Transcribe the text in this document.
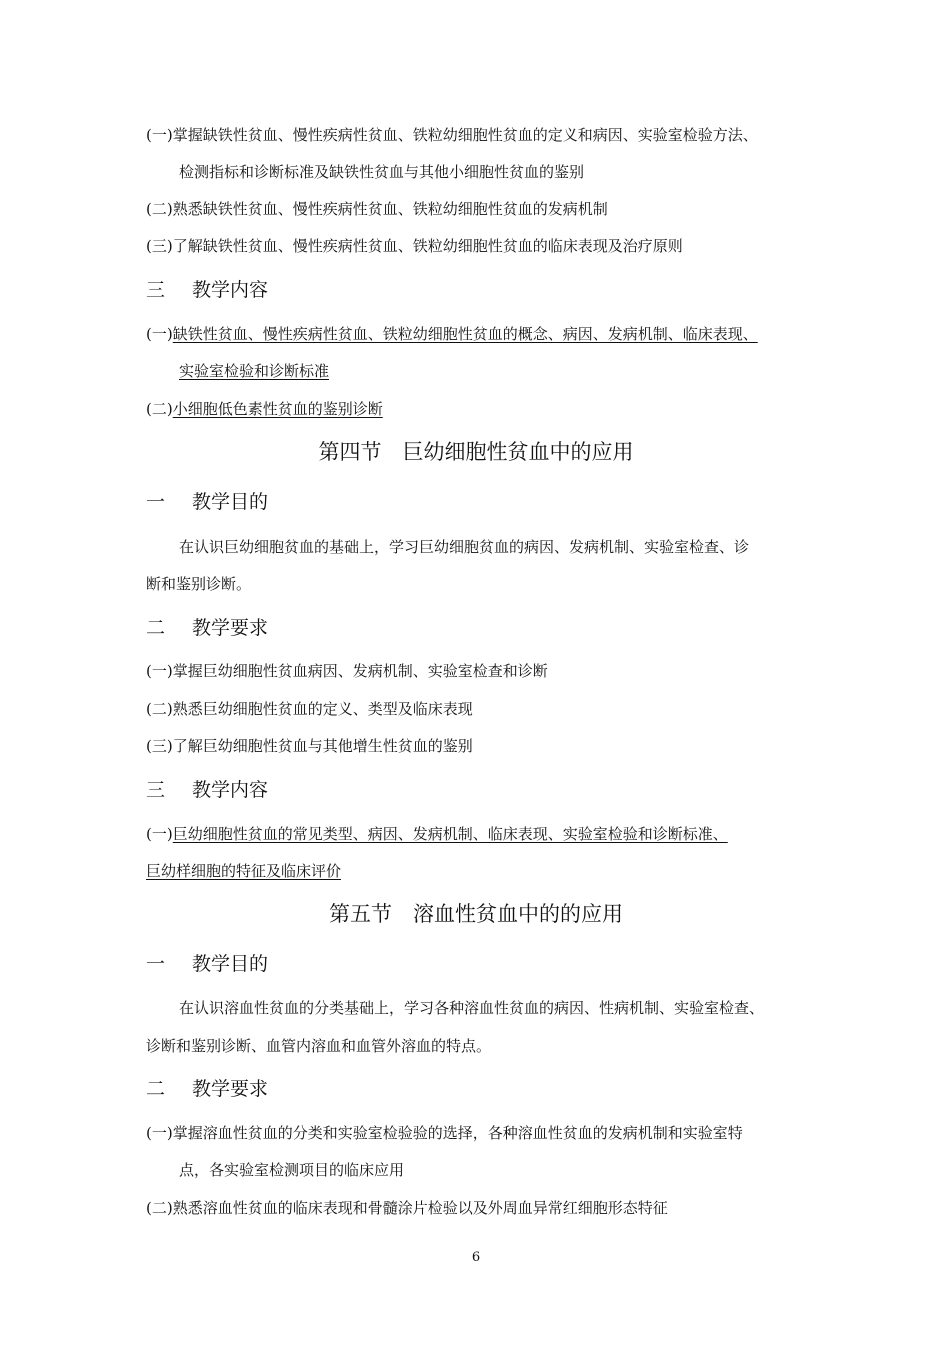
(一)掌握缺铁性贫血、慢性疾病性贫血、铁粒幼细胞性贫血的定义和病因、实验室检验方法、
检测指标和诊断标准及缺铁性贫血与其他小细胞性贫血的鉴别
(二)熟悉缺铁性贫血、慢性疾病性贫血、铁粒幼细胞性贫血的发病机制
(三)了解缺铁性贫血、慢性疾病性贫血、铁粒幼细胞性贫血的临床表现及治疗原则
三 教学内容
(一)缺铁性贫血、慢性疾病性贫血、铁粒幼细胞性贫血的概念、病因、发病机制、临床表现、
实验室检验和诊断标准
(二)小细胞低色素性贫血的鉴别诊断
第四节　巨幼细胞性贫血中的应用
一 教学目的
在认识巨幼细胞贫血的基础上，学习巨幼细胞贫血的病因、发病机制、实验室检查、诊
断和鉴别诊断。
二 教学要求
(一)掌握巨幼细胞性贫血病因、发病机制、实验室检查和诊断
(二)熟悉巨幼细胞性贫血的定义、类型及临床表现
(三)了解巨幼细胞性贫血与其他增生性贫血的鉴别
三 教学内容
(一)巨幼细胞性贫血的常见类型、病因、发病机制、临床表现、实验室检验和诊断标准、
巨幼样细胞的特征及临床评价
第五节　溶血性贫血中的的应用
一 教学目的
在认识溶血性贫血的分类基础上，学习各种溶血性贫血的病因、性病机制、实验室检查、
诊断和鉴别诊断、血管内溶血和血管外溶血的特点。
二 教学要求
(一)掌握溶血性贫血的分类和实验室检验验的选择，各种溶血性贫血的发病机制和实验室特
点，各实验室检测项目的临床应用
(二)熟悉溶血性贫血的临床表现和骨髓涂片检验以及外周血异常红细胞形态特征
6
